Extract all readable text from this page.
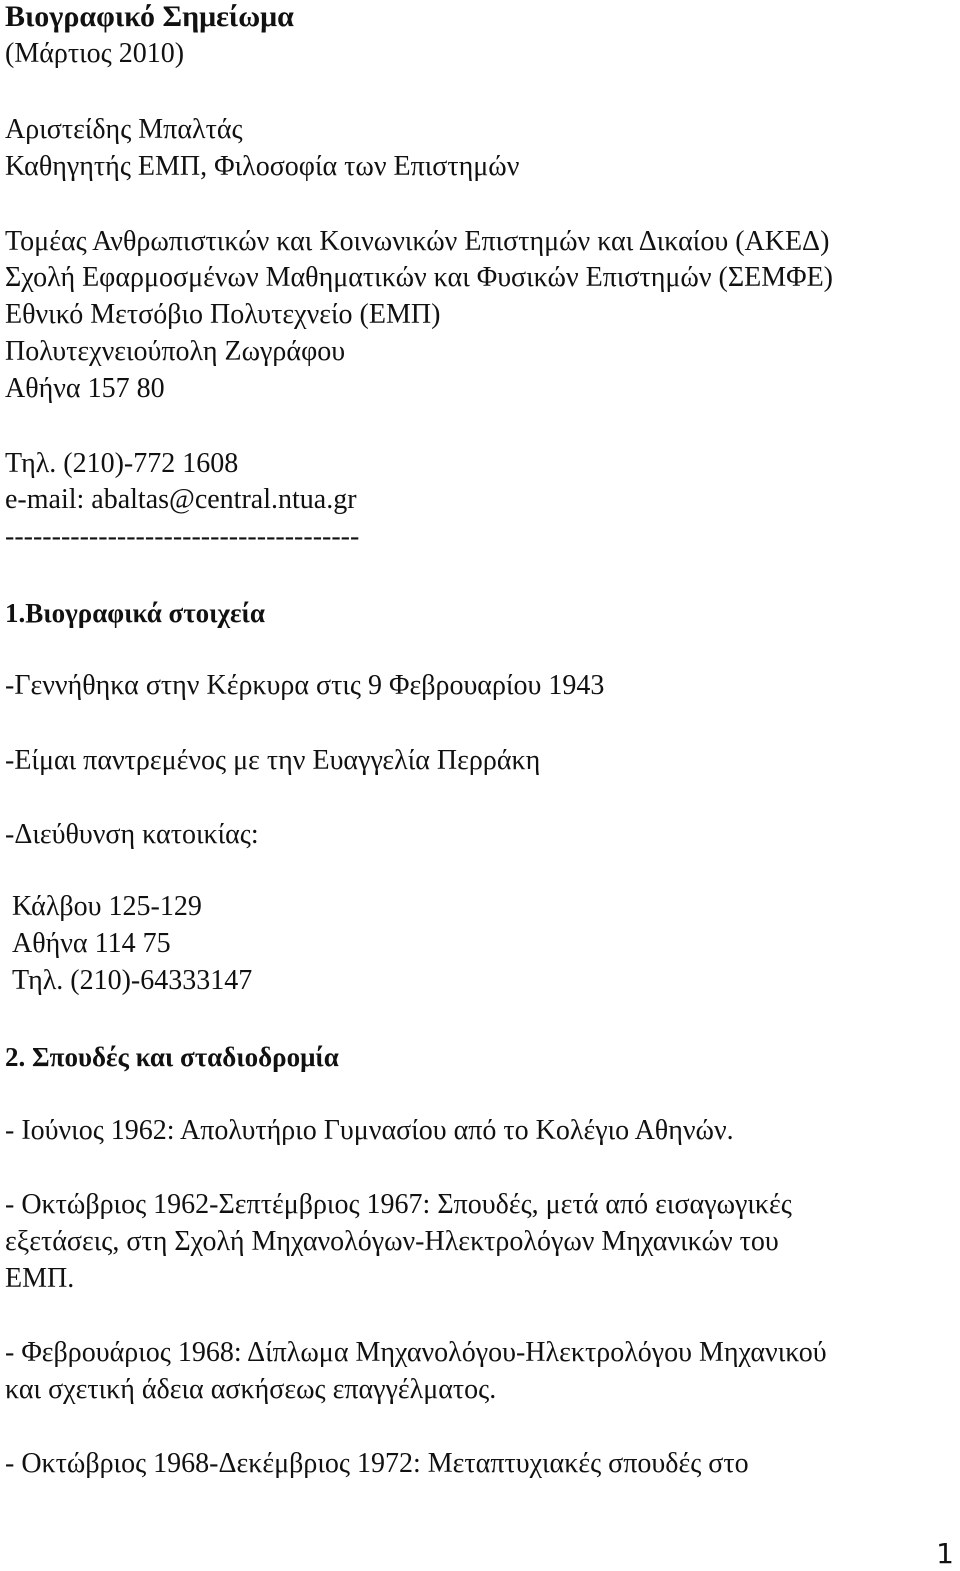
Βιογραφικό Σημείωμα
(Μάρτιος 2010)
Αριστείδης Μπαλτάς
Καθηγητής ΕΜΠ, Φιλοσοφία των Επιστημών
Τομέας Ανθρωπιστικών και Κοινωνικών Επιστημών και Δικαίου (ΑΚΕΔ)
Σχολή Εφαρμοσμένων Μαθηματικών και Φυσικών Επιστημών (ΣΕΜΦΕ)
Εθνικό Μετσόβιο Πολυτεχνείο (ΕΜΠ)
Πολυτεχνειούπολη Ζωγράφου
Αθήνα 157 80
Τηλ. (210)-772 1608
e-mail: abaltas@central.ntua.gr
--------------------------------------
1.Βιογραφικά στοιχεία
-Γεννήθηκα στην Κέρκυρα στις 9 Φεβρουαρίου 1943
-Είμαι παντρεμένος με την Ευαγγελία Περράκη
-Διεύθυνση κατοικίας:
Κάλβου 125-129
Αθήνα 114 75
Τηλ. (210)-64333147
2. Σπουδές και σταδιοδρομία
- Ιούνιος 1962: Απολυτήριο Γυμνασίου από το Κολέγιο Αθηνών.
- Οκτώβριος 1962-Σεπτέμβριος 1967: Σπουδές, μετά από εισαγωγικές
εξετάσεις, στη Σχολή Μηχανολόγων-Ηλεκτρολόγων Μηχανικών του
ΕΜΠ.
- Φεβρουάριος 1968: Δίπλωμα Μηχανολόγου-Ηλεκτρολόγου Μηχανικού
και σχετική άδεια ασκήσεως επαγγέλματος.
- Οκτώβριος 1968-Δεκέμβριος 1972: Μεταπτυχιακές σπουδές στο
1
